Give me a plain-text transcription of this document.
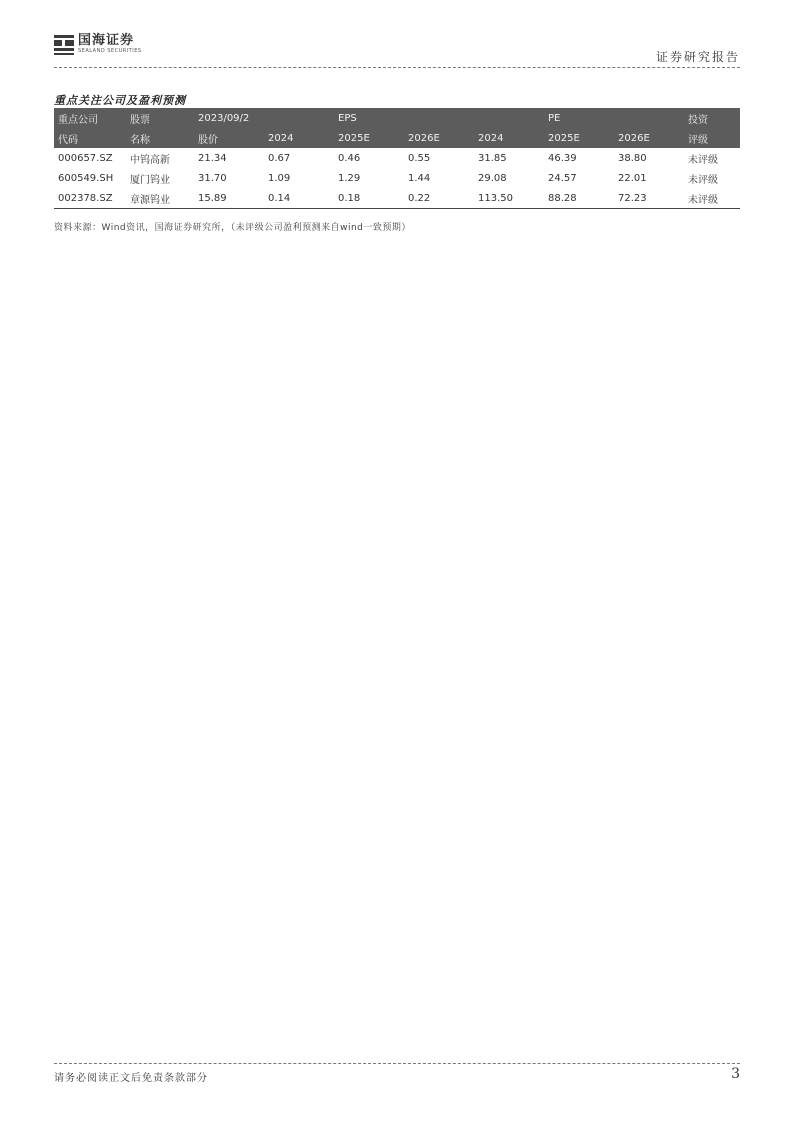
国海证券
SEALAND SECURITIES	证券研究报告
重点关注公司及盈利预测
重点公司	股票	2023/09/2		EPS			PE		投资
代码	名称	股价	2024	2025E	2026E	2024	2025E	2026E	评级
000657.SZ	中钨高新	21.34	0.67	0.46	0.55	31.85	46.39	38.80	未评级
600549.SH	厦门钨业	31.70	1.09	1.29	1.44	29.08	24.57	22.01	未评级
002378.SZ	章源钨业	15.89	0.14	0.18	0.22	113.50	88.28	72.23	未评级
资料来源：Wind资讯，国海证券研究所，（未评级公司盈利预测来自wind一致预期）
请务必阅读正文后免责条款部分	3
